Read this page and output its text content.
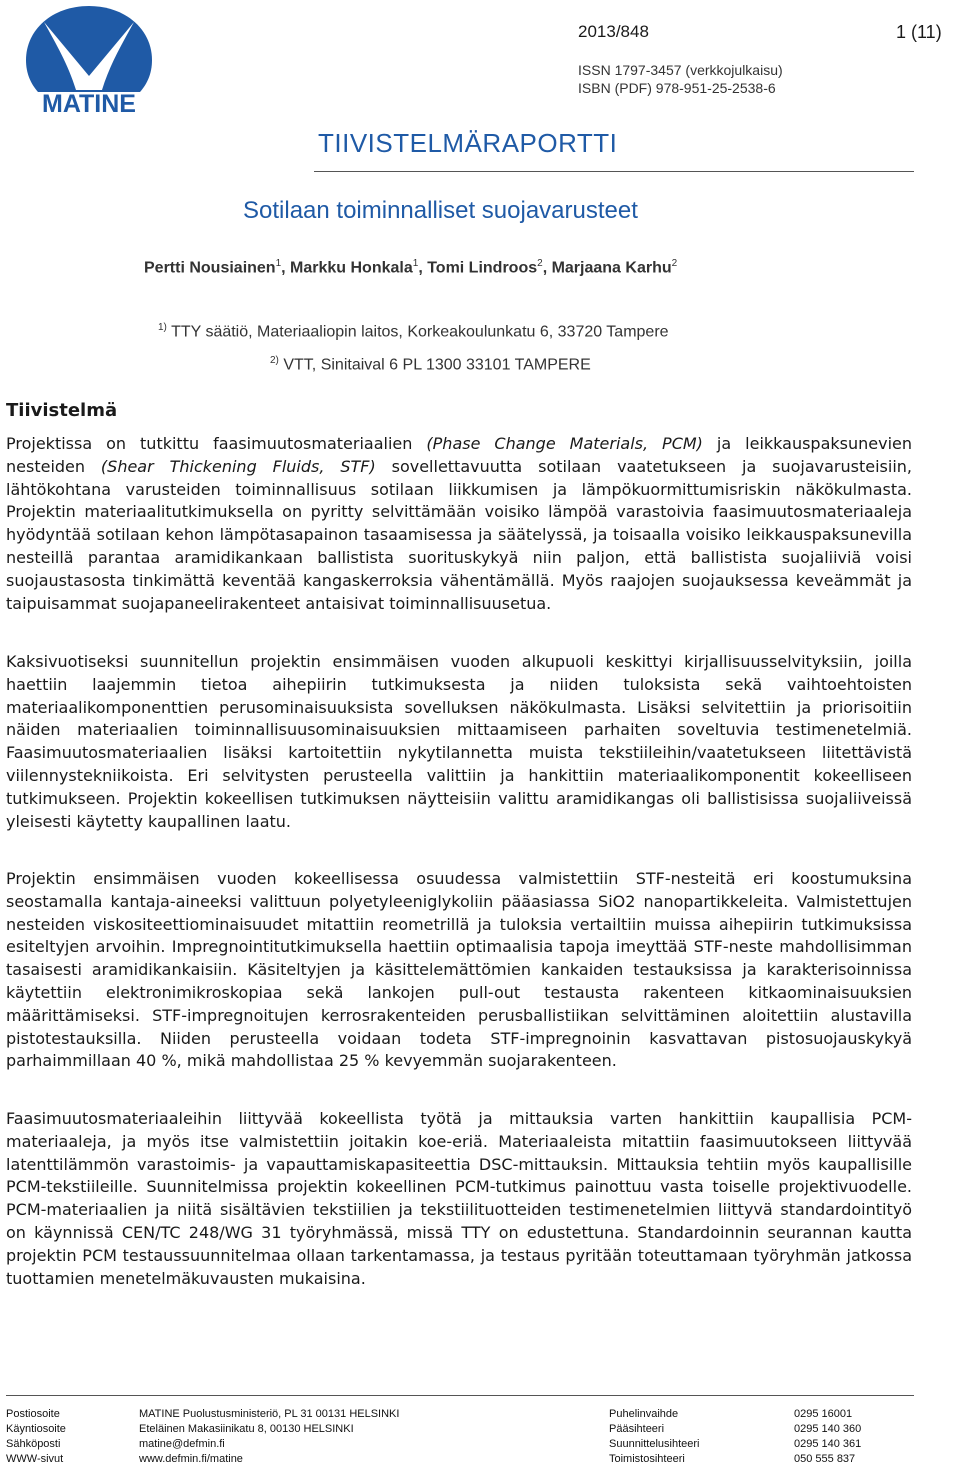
MATINE
2013/848	1 (11)
ISSN 1797-3457 (verkkojulkaisu)
ISBN (PDF) 978-951-25-2538-6
TIIVISTELMÄRAPORTTI
Sotilaan toiminnalliset suojavarusteet
Pertti Nousiainen$^1$, Markku Honkala$^1$, Tomi Lindroos$^2$, Marjaana Karhu$^2$
$^{1)}$ TTY säätiö, Materiaaliopin laitos, Korkeakoulunkatu 6, 33720 Tampere
$^{2)}$ VTT, Sinitaival 6 PL 1300 33101 TAMPERE
Tiivistelmä
Projektissa on tutkittu faasimuutosmateriaalien (Phase Change Materials, PCM) ja leikkauspaksunevien nesteiden (Shear Thickening Fluids, STF) sovellettavuutta sotilaan vaatetukseen ja suojavarusteisiin, lähtökohtana varusteiden toiminnallisuus sotilaan liikkumisen ja lämpökuormittumisriskin näkökulmasta. Projektin materiaalitutkimuksella on pyritty selvittämään voisiko lämpöä varastoivia faasimuutosmateriaaleja hyödyntää sotilaan kehon lämpötasapainon tasaamisessa ja säätelyssä, ja toisaalla voisiko leikkauspaksunevilla nesteillä parantaa aramidikankaan ballistista suorituskykyä niin paljon, että ballistista suojaliiviä voisi suojaustasosta tinkimättä keventää kangaskerroksia vähentämällä. Myös raajojen suojauksessa keveämmät ja taipuisammat suojapaneelirakenteet antaisivat toiminnallisuusetua.
Kaksivuotiseksi suunnitellun projektin ensimmäisen vuoden alkupuoli keskittyi kirjallisuusselvityksiin, joilla haettiin laajemmin tietoa aihepiirin tutkimuksesta ja niiden tuloksista sekä vaihtoehtoisten materiaalikomponenttien perusominaisuuksista sovelluksen näkökulmasta. Lisäksi selvitettiin ja priorisoitiin näiden materiaalien toiminnallisuusominaisuuksien mittaamiseen parhaiten soveltuvia testimenetelmiä. Faasimuutosmateriaalien lisäksi kartoitettiin nykytilannetta muista tekstiileihin/vaatetukseen liitettävistä viilennystekniikoista. Eri selvitysten perusteella valittiin ja hankittiin materiaalikomponentit kokeelliseen tutkimukseen. Projektin kokeellisen tutkimuksen näytteisiin valittu aramidikangas oli ballistisissa suojaliiveissä yleisesti käytetty kaupallinen laatu.
Projektin ensimmäisen vuoden kokeellisessa osuudessa valmistettiin STF-nesteitä eri koostumuksina seostamalla kantaja-aineeksi valittuun polyetyleeniglykoliin pääasiassa SiO2 nanopartikkeleita. Valmistettujen nesteiden viskositeettiominaisuudet mitattiin reometrillä ja tuloksia vertailtiin muissa aihepiirin tutkimuksissa esiteltyjen arvoihin. Impregnointitutkimuksella haettiin optimaalisia tapoja imeyttää STF-neste mahdollisimman tasaisesti aramidikankaisiin. Käsiteltyjen ja käsittelemättömien kankaiden testauksissa ja karakterisoinnissa käytettiin elektronimikroskopiaa sekä lankojen pull-out testausta rakenteen kitkaominaisuuksien määrittämiseksi. STF-impregnoitujen kerrosrakenteiden perusballistiikan selvittäminen aloitettiin alustavilla pistotestauksilla. Niiden perusteella voidaan todeta STF-impregnoinin kasvattavan pistosuojauskykyä parhaimmillaan 40 %, mikä mahdollistaa 25 % kevyemmän suojarakenteen.
Faasimuutosmateriaaleihin liittyvää kokeellista työtä ja mittauksia varten hankittiin kaupallisia PCM-materiaaleja, ja myös itse valmistettiin joitakin koe-eriä. Materiaaleista mitattiin faasimuutokseen liittyvää latenttilämmön varastoimis- ja vapauttamiskapasiteettia DSC-mittauksin. Mittauksia tehtiin myös kaupallisille PCM-tekstiileille. Suunnitelmissa projektin kokeellinen PCM-tutkimus painottuu vasta toiselle projektivuodelle. PCM-materiaalien ja niitä sisältävien tekstiilien ja tekstiilituotteiden testimenetelmien liittyvä standardointityö on käynnissä CEN/TC 248/WG 31 työryhmässä, missä TTY on edustettuna. Standardoinnin seurannan kautta projektin PCM testaussuunnitelmaa ollaan tarkentamassa, ja testaus pyritään toteuttamaan työryhmän jatkossa tuottamien menetelmäkuvausten mukaisina.
Postiosoite
Käyntiosoite
Sähköposti
WWW-sivut
MATINE Puolustusministeriö, PL 31 00131 HELSINKI
Eteläinen Makasiinikatu 8, 00130 HELSINKI
matine@defmin.fi
www.defmin.fi/matine
Puhelinvaihde
Pääsihteeri
Suunnittelusihteeri
Toimistosihteeri
0295 16001
0295 140 360
0295 140 361
050 555 837
